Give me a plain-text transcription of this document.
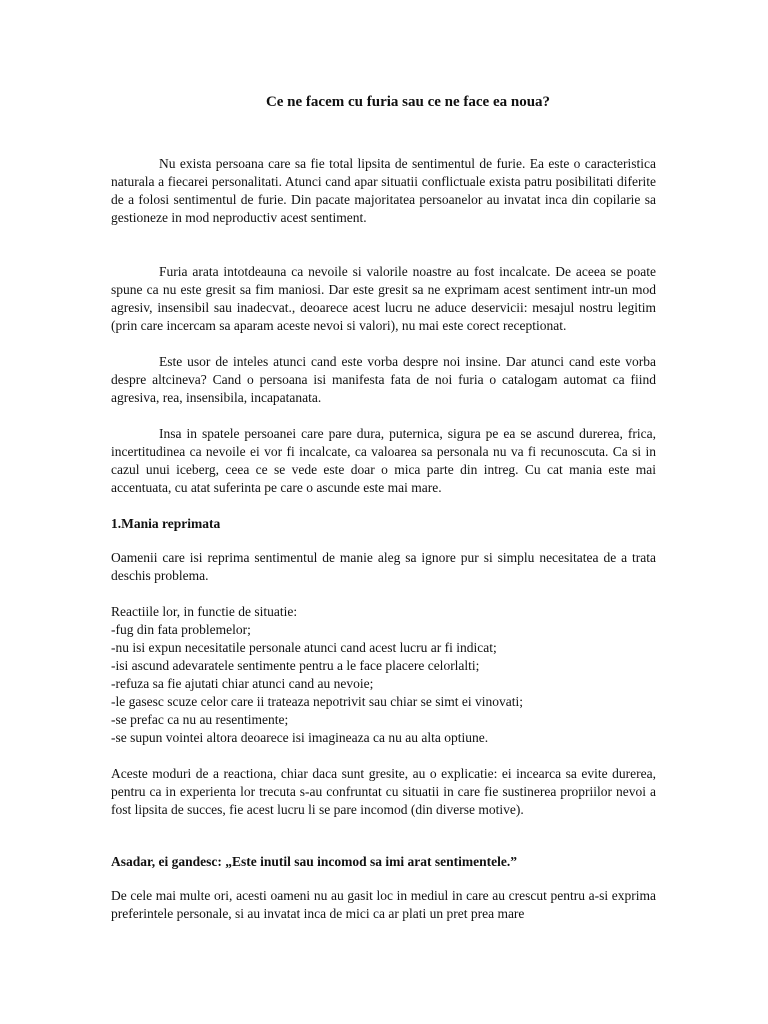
Ce ne facem cu furia sau ce ne face ea noua?

Nu exista persoana care sa fie total lipsita de sentimentul de furie. Ea este o caracteristica naturala a fiecarei personalitati. Atunci cand apar situatii conflictuale exista patru posibilitati diferite de a folosi sentimentul de furie. Din pacate majoritatea persoanelor au invatat inca din copilarie sa gestioneze in mod neproductiv acest sentiment.

Furia arata intotdeauna ca nevoile si valorile noastre au fost incalcate. De aceea se poate spune ca nu este gresit sa fim maniosi. Dar este gresit sa ne exprimam acest sentiment intr-un mod agresiv, insensibil sau inadecvat., deoarece acest lucru ne aduce deservicii: mesajul nostru legitim (prin care incercam sa aparam aceste nevoi si valori), nu mai este corect receptionat.

Este usor de inteles atunci cand este vorba despre noi insine. Dar atunci cand este vorba despre altcineva? Cand o persoana isi manifesta fata de noi furia o catalogam automat ca fiind agresiva, rea, insensibila, incapatanata.

Insa in spatele persoanei care pare dura, puternica, sigura pe ea se ascund durerea, frica, incertitudinea ca nevoile ei vor fi incalcate, ca valoarea sa personala nu va fi recunoscuta. Ca si in cazul unui iceberg, ceea ce se vede este doar o mica parte din intreg. Cu cat mania este mai accentuata, cu atat suferinta pe care o ascunde este mai mare.

1.Mania reprimata

Oamenii care isi reprima sentimentul de manie aleg sa ignore pur si simplu necesitatea de a trata deschis problema.

Reactiile lor, in functie de situatie:

-fug din fata problemelor;

-nu isi expun necesitatile personale atunci cand acest lucru ar fi indicat;

-isi ascund adevaratele sentimente pentru a le face placere celorlalti;

-refuza sa fie ajutati chiar atunci cand au nevoie;

-le gasesc scuze celor care ii trateaza nepotrivit sau chiar se simt ei vinovati;

-se prefac ca nu au resentimente;

-se supun vointei altora deoarece isi imagineaza ca nu au alta optiune.

Aceste moduri de a reactiona, chiar daca sunt gresite, au o explicatie: ei incearca sa evite durerea, pentru ca in experienta lor trecuta s-au confruntat cu situatii in care fie sustinerea propriilor nevoi a fost lipsita de succes, fie acest lucru li se pare incomod (din diverse motive).

Asadar, ei gandesc: „Este inutil sau incomod sa imi arat sentimentele.”

De cele mai multe ori, acesti oameni nu au gasit loc in mediul in care au crescut pentru a-si exprima preferintele personale, si au invatat inca de mici ca ar plati un pret prea mare
